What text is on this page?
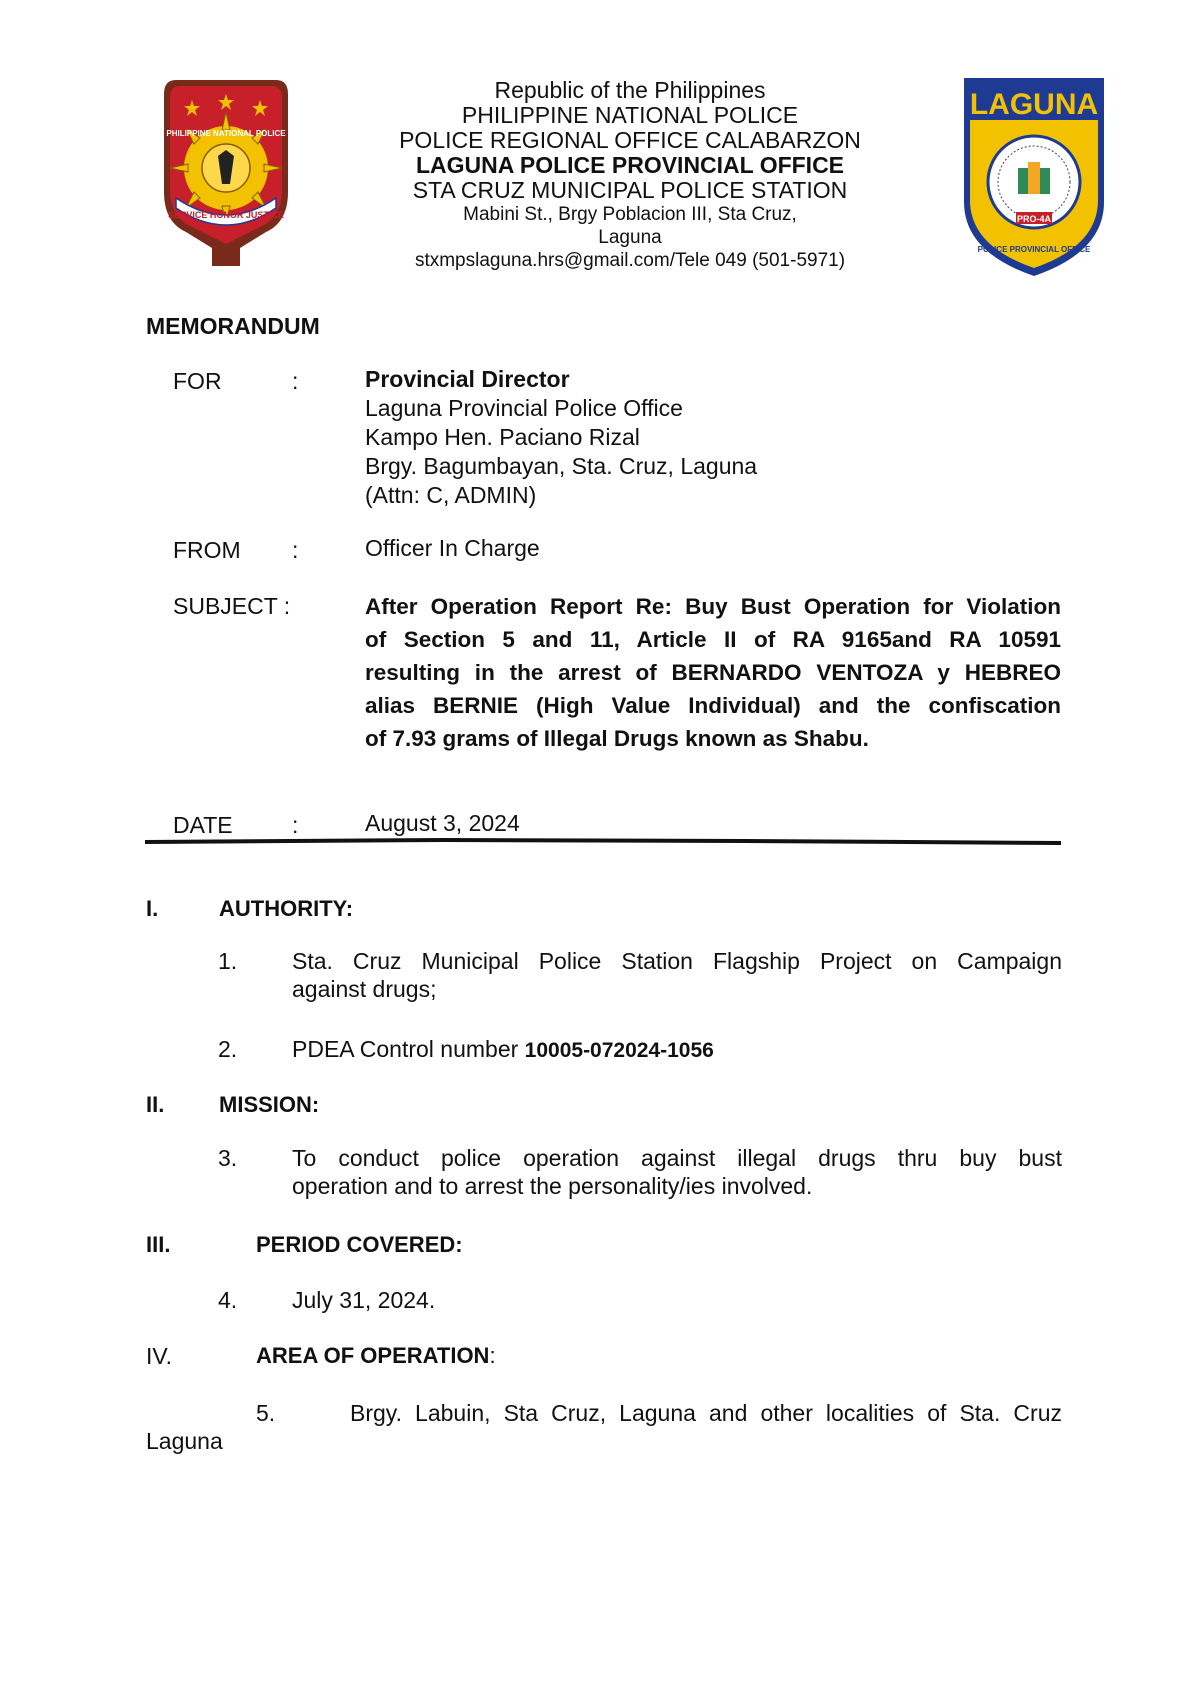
SERVICE HONOR JUSTICE
PHILIPPINE NATIONAL POLICE
LAGUNA
PRO-4A
POLICE PROVINCIAL OFFICE
Republic of the Philippines
PHILIPPINE NATIONAL POLICE
POLICE REGIONAL OFFICE CALABARZON
LAGUNA POLICE PROVINCIAL OFFICE
STA CRUZ MUNICIPAL POLICE STATION
Mabini St., Brgy Poblacion III, Sta Cruz,
Laguna
stxmpslaguna.hrs@gmail.com/Tele 049 (501-5971)
MEMORANDUM
FOR	:	Provincial Director
Laguna Provincial Police Office
Kampo Hen. Paciano Rizal
Brgy. Bagumbayan, Sta. Cruz, Laguna
(Attn: C, ADMIN)
FROM :	Officer In Charge
SUBJECT :	After Operation Report Re: Buy Bust Operation for Violation
of Section 5 and 11, Article II of RA 9165and RA 10591
resulting in the arrest of BERNARDO VENTOZA y HEBREO
alias BERNIE (High Value Individual) and the confiscation
of 7.93 grams of Illegal Drugs known as Shabu.
DATE	:	August 3, 2024
I.	AUTHORITY:
1. Sta. Cruz Municipal Police Station Flagship Project on Campaign
against drugs;
2. PDEA Control number 10005-072024-1056
II. MISSION:
3. To conduct police operation against illegal drugs thru buy bust
operation and to arrest the personality/ies involved.
III.	PERIOD COVERED:
4. July 31, 2024.
IV.	AREA OF OPERATION:
5.	Brgy. Labuin, Sta Cruz, Laguna and other localities of Sta. Cruz
Laguna
